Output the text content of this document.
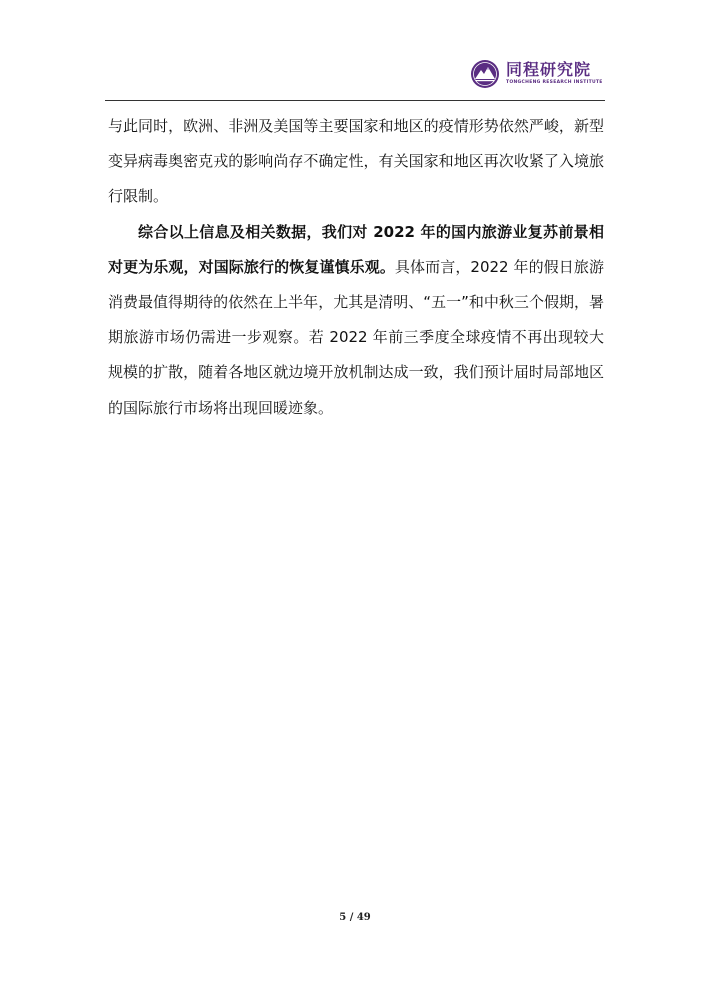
同程研究院
TONGCHENG RESEARCH INSTITUTE

与此同时，欧洲、非洲及美国等主要国家和地区的疫情形势依然严峻，新型变异病毒奥密克戎的影响尚存不确定性，有关国家和地区再次收紧了入境旅行限制。

综合以上信息及相关数据，我们对 2022 年的国内旅游业复苏前景相对更为乐观，对国际旅行的恢复谨慎乐观。具体而言，2022 年的假日旅游消费最值得期待的依然在上半年，尤其是清明、“五一”和中秋三个假期，暑期旅游市场仍需进一步观察。若 2022 年前三季度全球疫情不再出现较大规模的扩散，随着各地区就边境开放机制达成一致，我们预计届时局部地区的国际旅行市场将出现回暖迹象。

5 / 49
